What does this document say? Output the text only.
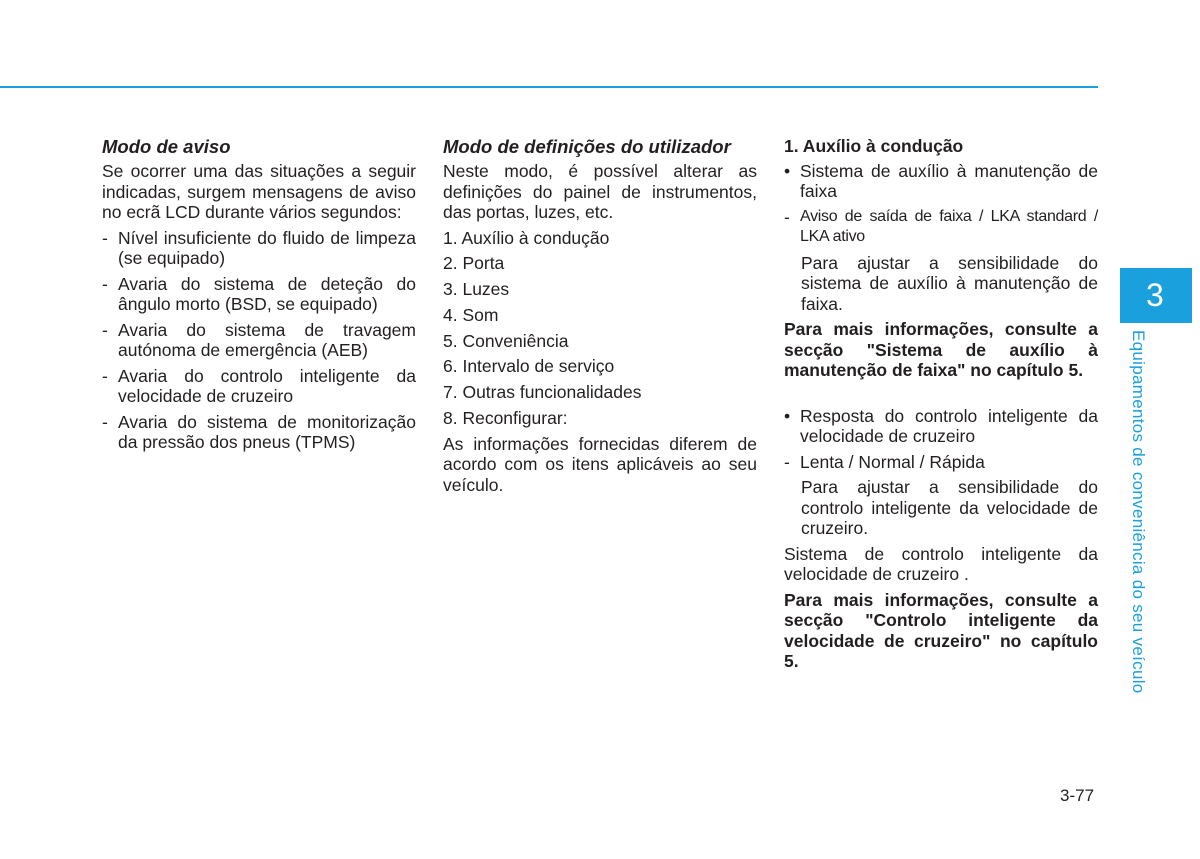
Modo de aviso

Se ocorrer uma das situações a seguir indicadas, surgem mensagens de aviso no ecrã LCD durante vários segundos:

- Nível insuficiente do fluido de limpeza (se equipado)
- Avaria do sistema de deteção do ângulo morto (BSD, se equipado)
- Avaria do sistema de travagem autónoma de emergência (AEB)
- Avaria do controlo inteligente da velocidade de cruzeiro
- Avaria do sistema de monitorização da pressão dos pneus (TPMS)
Modo de definições do utilizador

Neste modo, é possível alterar as definições do painel de instrumentos, das portas, luzes, etc.

1. Auxílio à condução

2. Porta

3. Luzes

4. Som

5. Conveniência

6. Intervalo de serviço

7. Outras funcionalidades

8. Reconfigurar:

As informações fornecidas diferem de acordo com os itens aplicáveis ao seu veículo.

1. Auxílio à condução
• Sistema de auxílio à manutenção de faixa
- Aviso de saída de faixa / LKA standard / LKA ativo

Para ajustar a sensibilidade do sistema de auxílio à manutenção de faixa.

Para mais informações, consulte a secção "Sistema de auxílio à manutenção de faixa" no capítulo 5.

• Resposta do controlo inteligente da velocidade de cruzeiro
- Lenta / Normal / Rápida

Para ajustar a sensibilidade do controlo inteligente da velocidade de cruzeiro.

Sistema de controlo inteligente da velocidade de cruzeiro .

Para mais informações, consulte a secção "Controlo inteligente da velocidade de cruzeiro" no capítulo 5.

3
Equipamentos de conveniência do seu veículo
3-77
